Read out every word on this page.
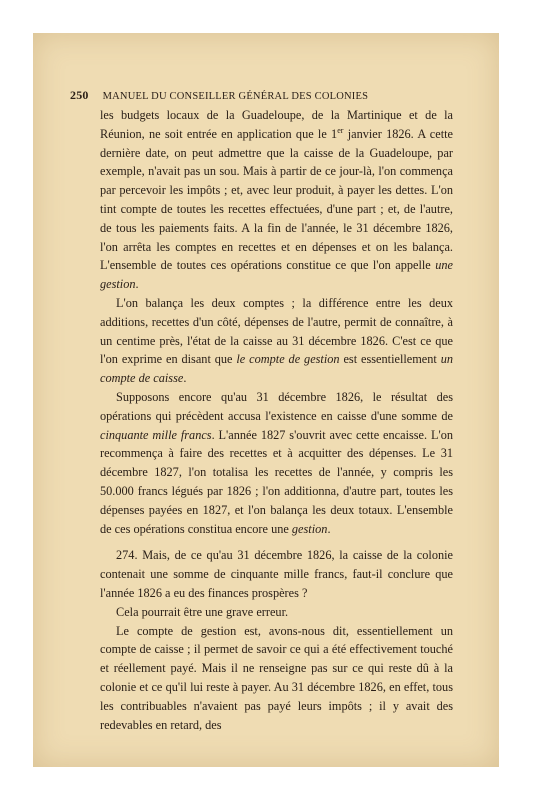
250 MANUEL DU CONSEILLER GÉNÉRAL DES COLONIES

les budgets locaux de la Guadeloupe, de la Martinique et de la Réunion, ne soit entrée en application que le 1er janvier 1826. A cette dernière date, on peut admettre que la caisse de la Guadeloupe, par exemple, n'avait pas un sou. Mais à partir de ce jour-là, l'on commença par percevoir les impôts ; et, avec leur produit, à payer les dettes. L'on tint compte de toutes les recettes effectuées, d'une part ; et, de l'autre, de tous les paiements faits. A la fin de l'année, le 31 décembre 1826, l'on arrêta les comptes en recettes et en dépenses et on les balança. L'ensemble de toutes ces opérations constitue ce que l'on appelle une gestion.

L'on balança les deux comptes ; la différence entre les deux additions, recettes d'un côté, dépenses de l'autre, permit de connaître, à un centime près, l'état de la caisse au 31 décembre 1826. C'est ce que l'on exprime en disant que le compte de gestion est essentiellement un compte de caisse.

Supposons encore qu'au 31 décembre 1826, le résultat des opérations qui précèdent accusa l'existence en caisse d'une somme de cinquante mille francs. L'année 1827 s'ouvrit avec cette encaisse. L'on recommença à faire des recettes et à acquitter des dépenses. Le 31 décembre 1827, l'on totalisa les recettes de l'année, y compris les 50.000 francs légués par 1826 ; l'on additionna, d'autre part, toutes les dépenses payées en 1827, et l'on balança les deux totaux. L'ensemble de ces opérations constitua encore une gestion.

274. Mais, de ce qu'au 31 décembre 1826, la caisse de la colonie contenait une somme de cinquante mille francs, faut-il conclure que l'année 1826 a eu des finances prospères ?

Cela pourrait être une grave erreur.

Le compte de gestion est, avons-nous dit, essentiellement un compte de caisse ; il permet de savoir ce qui a été effectivement touché et réellement payé. Mais il ne renseigne pas sur ce qui reste dû à la colonie et ce qu'il lui reste à payer. Au 31 décembre 1826, en effet, tous les contribuables n'avaient pas payé leurs impôts ; il y avait des redevables en retard, des
